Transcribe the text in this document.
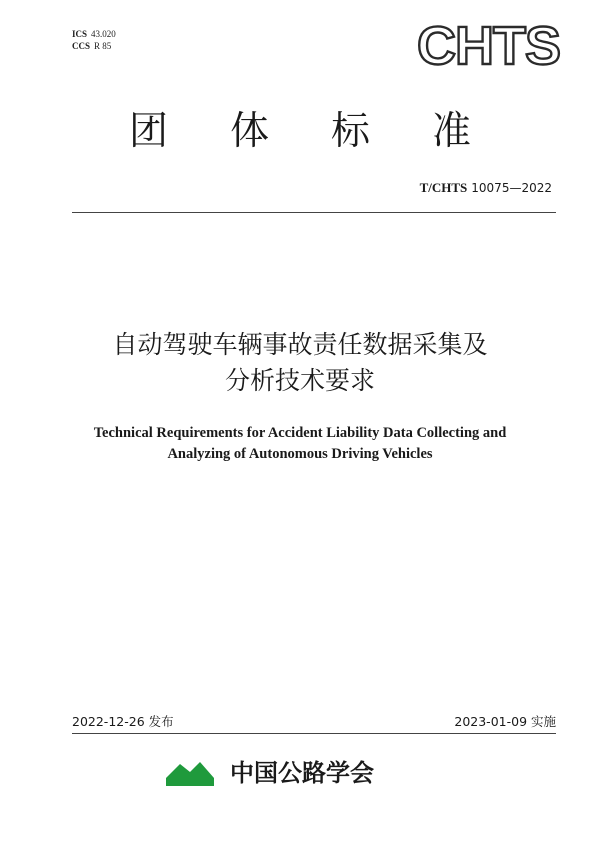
ICS 43.020
CCS R 85	CHTS
团体标准
T/CHTS 10075—2022
自动驾驶车辆事故责任数据采集及
分析技术要求
Technical Requirements for Accident Liability Data Collecting and
Analyzing of Autonomous Driving Vehicles
2022-12-26 发布	2023-01-09 实施
中国公路学会
